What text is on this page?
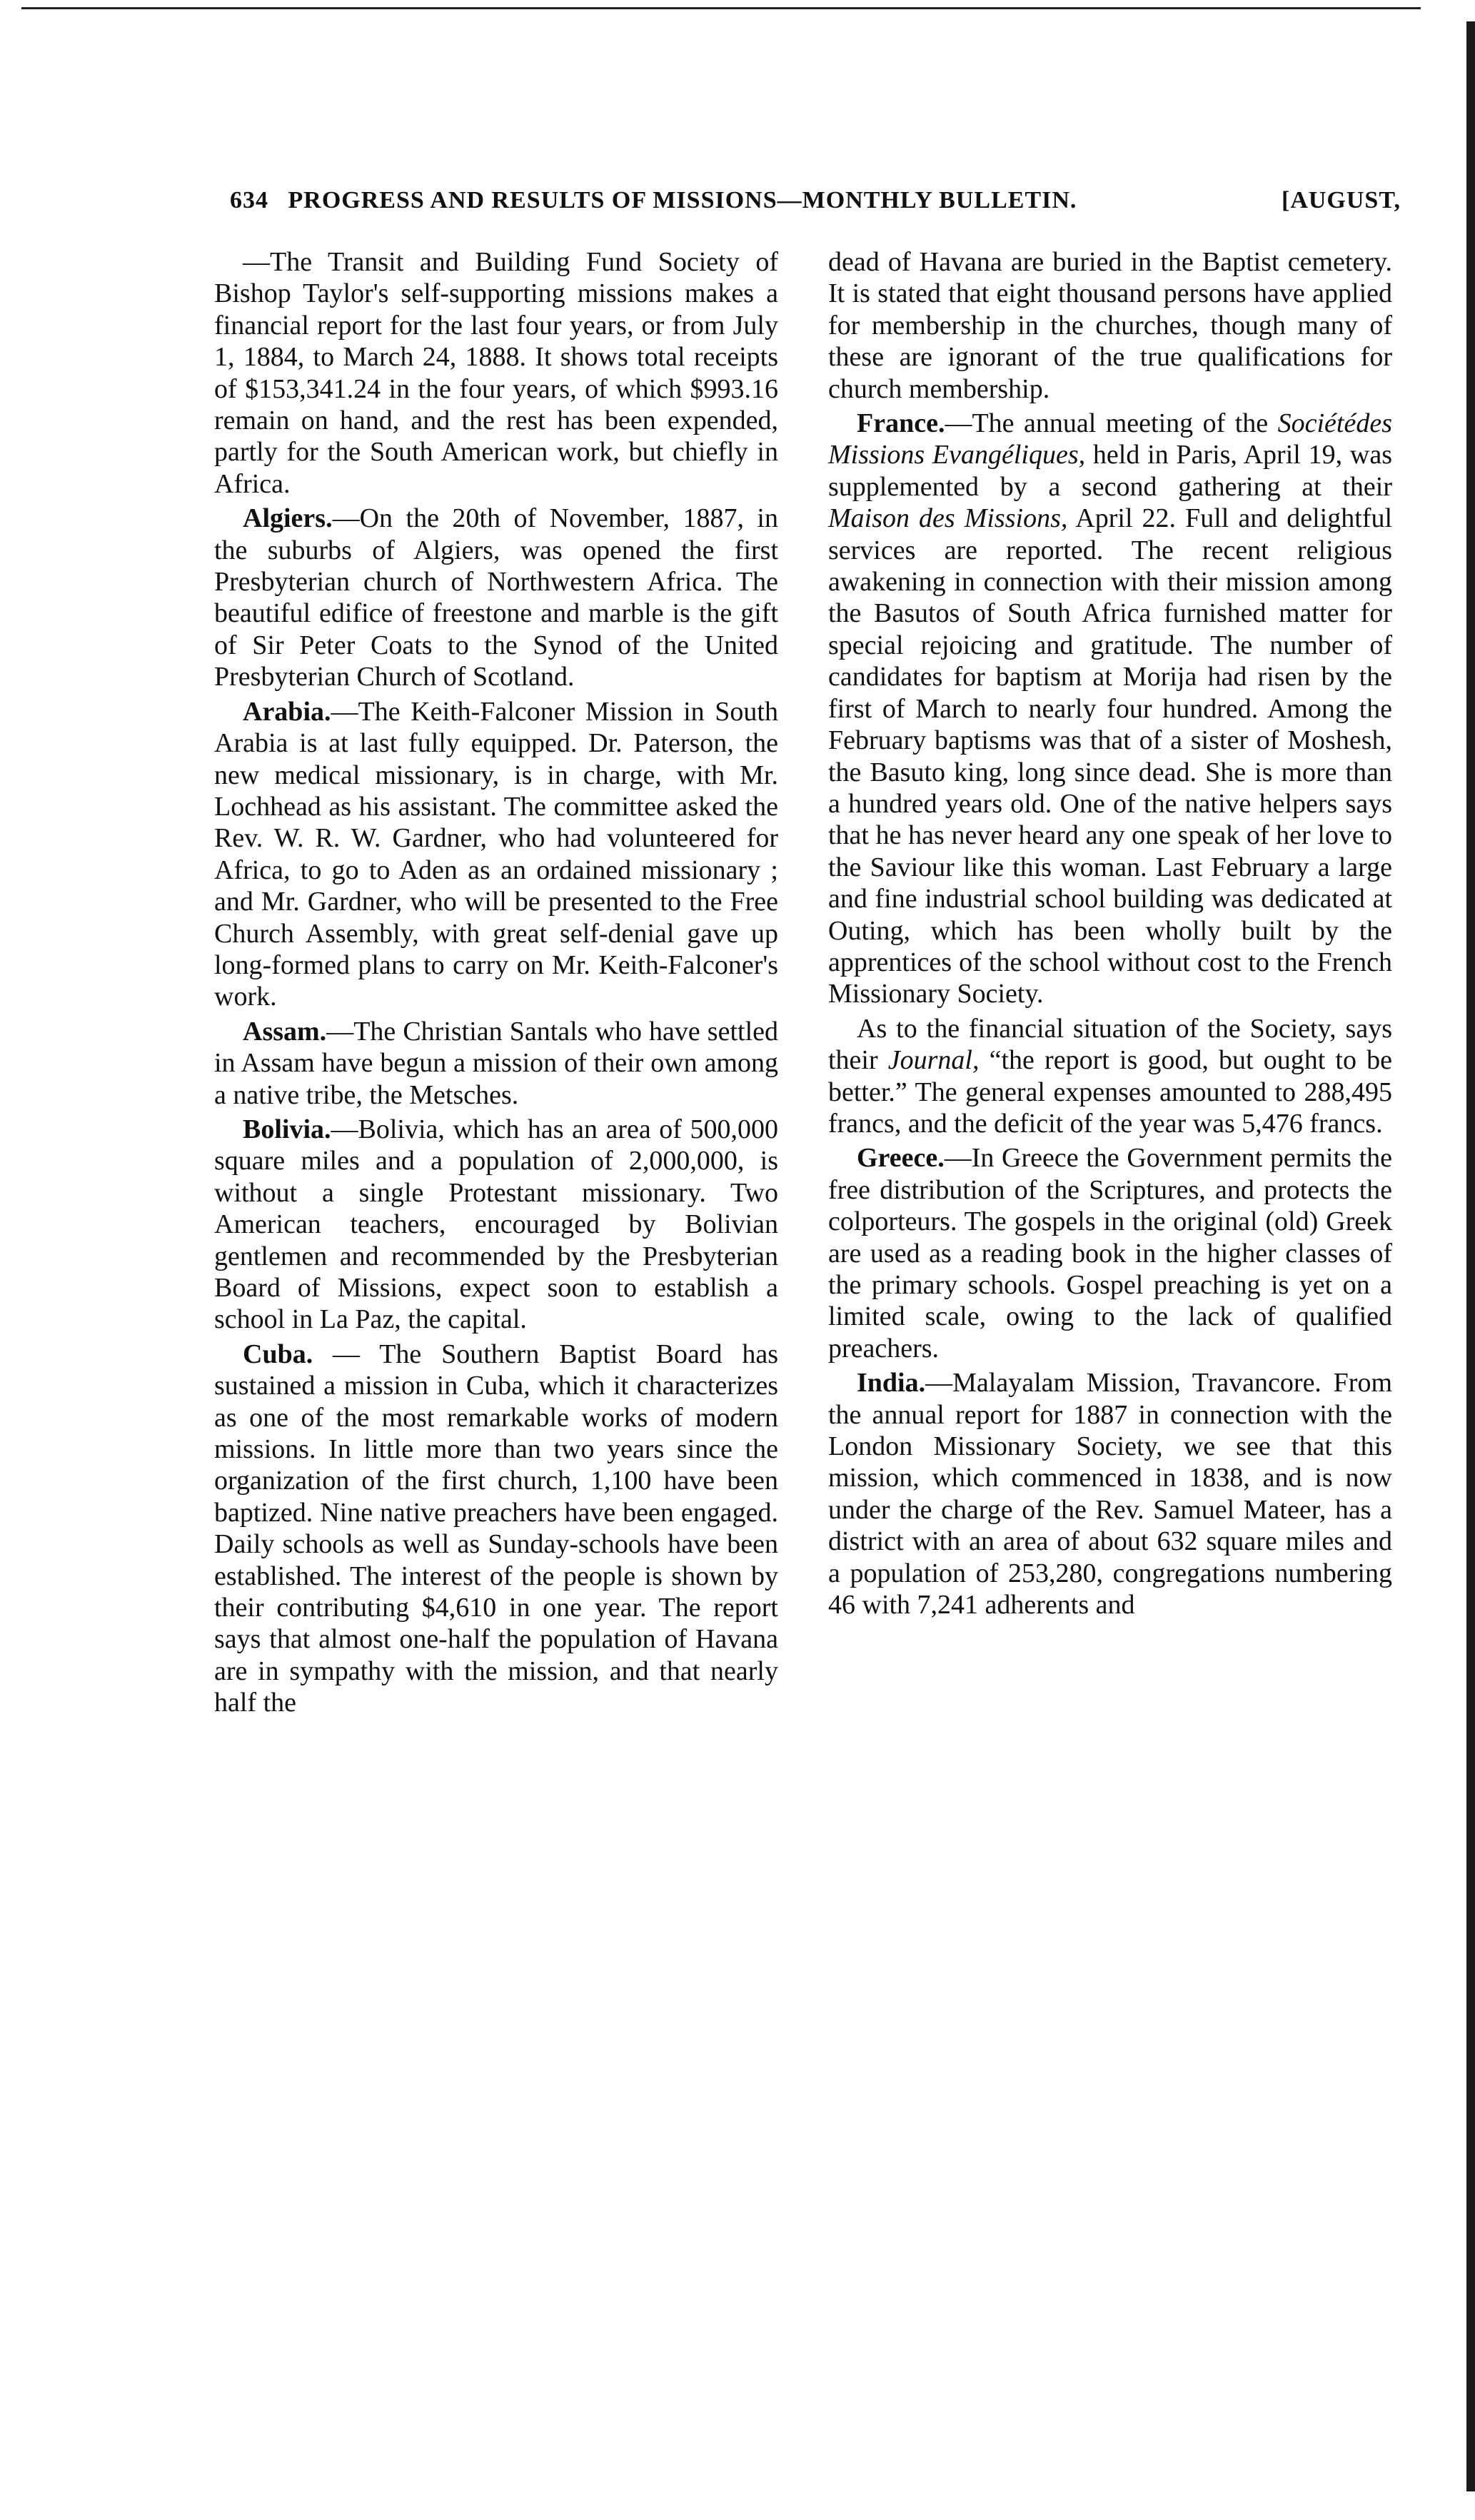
634 PROGRESS AND RESULTS OF MISSIONS—MONTHLY BULLETIN.	[AUGUST,

—The Transit and Building Fund Society of Bishop Taylor's self-supporting missions makes a financial report for the last four years, or from July 1, 1884, to March 24, 1888. It shows total receipts of $153,341.24 in the four years, of which $993.16 remain on hand, and the rest has been expended, partly for the South American work, but chiefly in Africa.

Algiers.—On the 20th of November, 1887, in the suburbs of Algiers, was opened the first Presbyterian church of Northwestern Africa. The beautiful edifice of freestone and marble is the gift of Sir Peter Coats to the Synod of the United Presbyterian Church of Scotland.

Arabia.—The Keith-Falconer Mission in South Arabia is at last fully equipped. Dr. Paterson, the new medical missionary, is in charge, with Mr. Lochhead as his assistant. The committee asked the Rev. W. R. W. Gardner, who had volunteered for Africa, to go to Aden as an ordained missionary ; and Mr. Gardner, who will be presented to the Free Church Assembly, with great self-denial gave up long-formed plans to carry on Mr. Keith-Falconer's work.

Assam.—The Christian Santals who have settled in Assam have begun a mission of their own among a native tribe, the Metsches.

Bolivia.—Bolivia, which has an area of 500,000 square miles and a population of 2,000,000, is without a single Protestant missionary. Two American teachers, encouraged by Bolivian gentlemen and recommended by the Presbyterian Board of Missions, expect soon to establish a school in La Paz, the capital.

Cuba. — The Southern Baptist Board has sustained a mission in Cuba, which it characterizes as one of the most remarkable works of modern missions. In little more than two years since the organization of the first church, 1,100 have been baptized. Nine native preachers have been engaged. Daily schools as well as Sunday-schools have been established. The interest of the people is shown by their contributing $4,610 in one year. The report says that almost one-half the population of Havana are in sympathy with the mission, and that nearly half the

dead of Havana are buried in the Baptist cemetery. It is stated that eight thousand persons have applied for membership in the churches, though many of these are ignorant of the true qualifications for church membership.

France.—The annual meeting of the Sociétédes Missions Evangéliques, held in Paris, April 19, was supplemented by a second gathering at their Maison des Missions, April 22. Full and delightful services are reported. The recent religious awakening in connection with their mission among the Basutos of South Africa furnished matter for special rejoicing and gratitude. The number of candidates for baptism at Morija had risen by the first of March to nearly four hundred. Among the February baptisms was that of a sister of Moshesh, the Basuto king, long since dead. She is more than a hundred years old. One of the native helpers says that he has never heard any one speak of her love to the Saviour like this woman. Last February a large and fine industrial school building was dedicated at Outing, which has been wholly built by the apprentices of the school without cost to the French Missionary Society.

As to the financial situation of the Society, says their Journal, “the report is good, but ought to be better.” The general expenses amounted to 288,495 francs, and the deficit of the year was 5,476 francs.

Greece.—In Greece the Government permits the free distribution of the Scriptures, and protects the colporteurs. The gospels in the original (old) Greek are used as a reading book in the higher classes of the primary schools. Gospel preaching is yet on a limited scale, owing to the lack of qualified preachers.

India.—Malayalam Mission, Travancore. From the annual report for 1887 in connection with the London Missionary Society, we see that this mission, which commenced in 1838, and is now under the charge of the Rev. Samuel Mateer, has a district with an area of about 632 square miles and a population of 253,280, congregations numbering 46 with 7,241 adherents and
